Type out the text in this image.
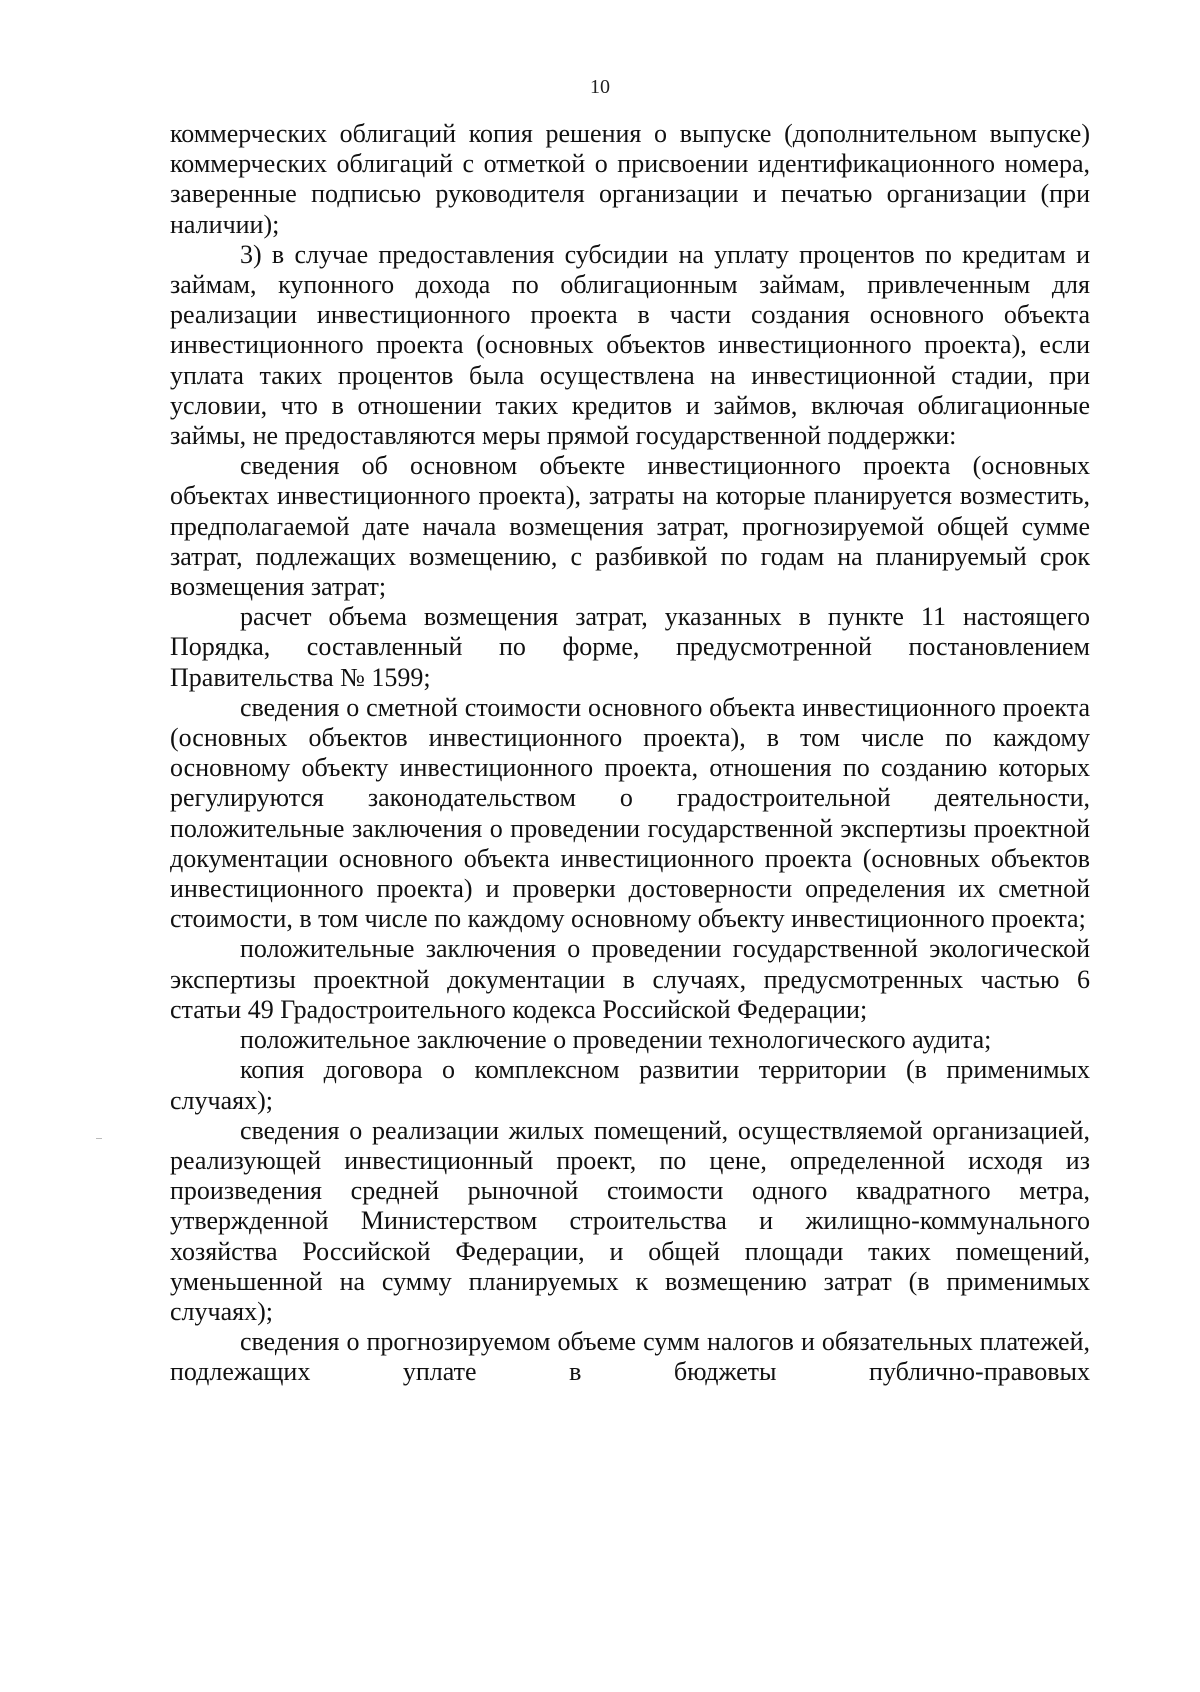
10

коммерческих облигаций копия решения о выпуске (дополнительном выпуске) коммерческих облигаций с отметкой о присвоении идентификационного номера, заверенные подписью руководителя организации и печатью организации (при наличии);

3) в случае предоставления субсидии на уплату процентов по кредитам и займам, купонного дохода по облигационным займам, привлеченным для реализации инвестиционного проекта в части создания основного объекта инвестиционного проекта (основных объектов инвестиционного проекта), если уплата таких процентов была осуществлена на инвестиционной стадии, при условии, что в отношении таких кредитов и займов, включая облигационные займы, не предоставляются меры прямой государственной поддержки:

сведения об основном объекте инвестиционного проекта (основных объектах инвестиционного проекта), затраты на которые планируется возместить, предполагаемой дате начала возмещения затрат, прогнозируемой общей сумме затрат, подлежащих возмещению, с разбивкой по годам на планируемый срок возмещения затрат;

расчет объема возмещения затрат, указанных в пункте 11 настоящего Порядка, составленный по форме, предусмотренной постановлением Правительства № 1599;

сведения о сметной стоимости основного объекта инвестиционного проекта (основных объектов инвестиционного проекта), в том числе по каждому основному объекту инвестиционного проекта, отношения по созданию которых регулируются законодательством о градостроительной деятельности, положительные заключения о проведении государственной экспертизы проектной документации основного объекта инвестиционного проекта (основных объектов инвестиционного проекта) и проверки достоверности определения их сметной стоимости, в том числе по каждому основному объекту инвестиционного проекта;

положительные заключения о проведении государственной экологической экспертизы проектной документации в случаях, предусмотренных частью 6 статьи 49 Градостроительного кодекса Российской Федерации;

положительное заключение о проведении технологического аудита;

копия договора о комплексном развитии территории (в применимых случаях);

сведения о реализации жилых помещений, осуществляемой организацией, реализующей инвестиционный проект, по цене, определенной исходя из произведения средней рыночной стоимости одного квадратного метра, утвержденной Министерством строительства и жилищно-коммунального хозяйства Российской Федерации, и общей площади таких помещений, уменьшенной на сумму планируемых к возмещению затрат (в применимых случаях);

сведения о прогнозируемом объеме сумм налогов и обязательных платежей, подлежащих уплате в бюджеты публично-правовых
